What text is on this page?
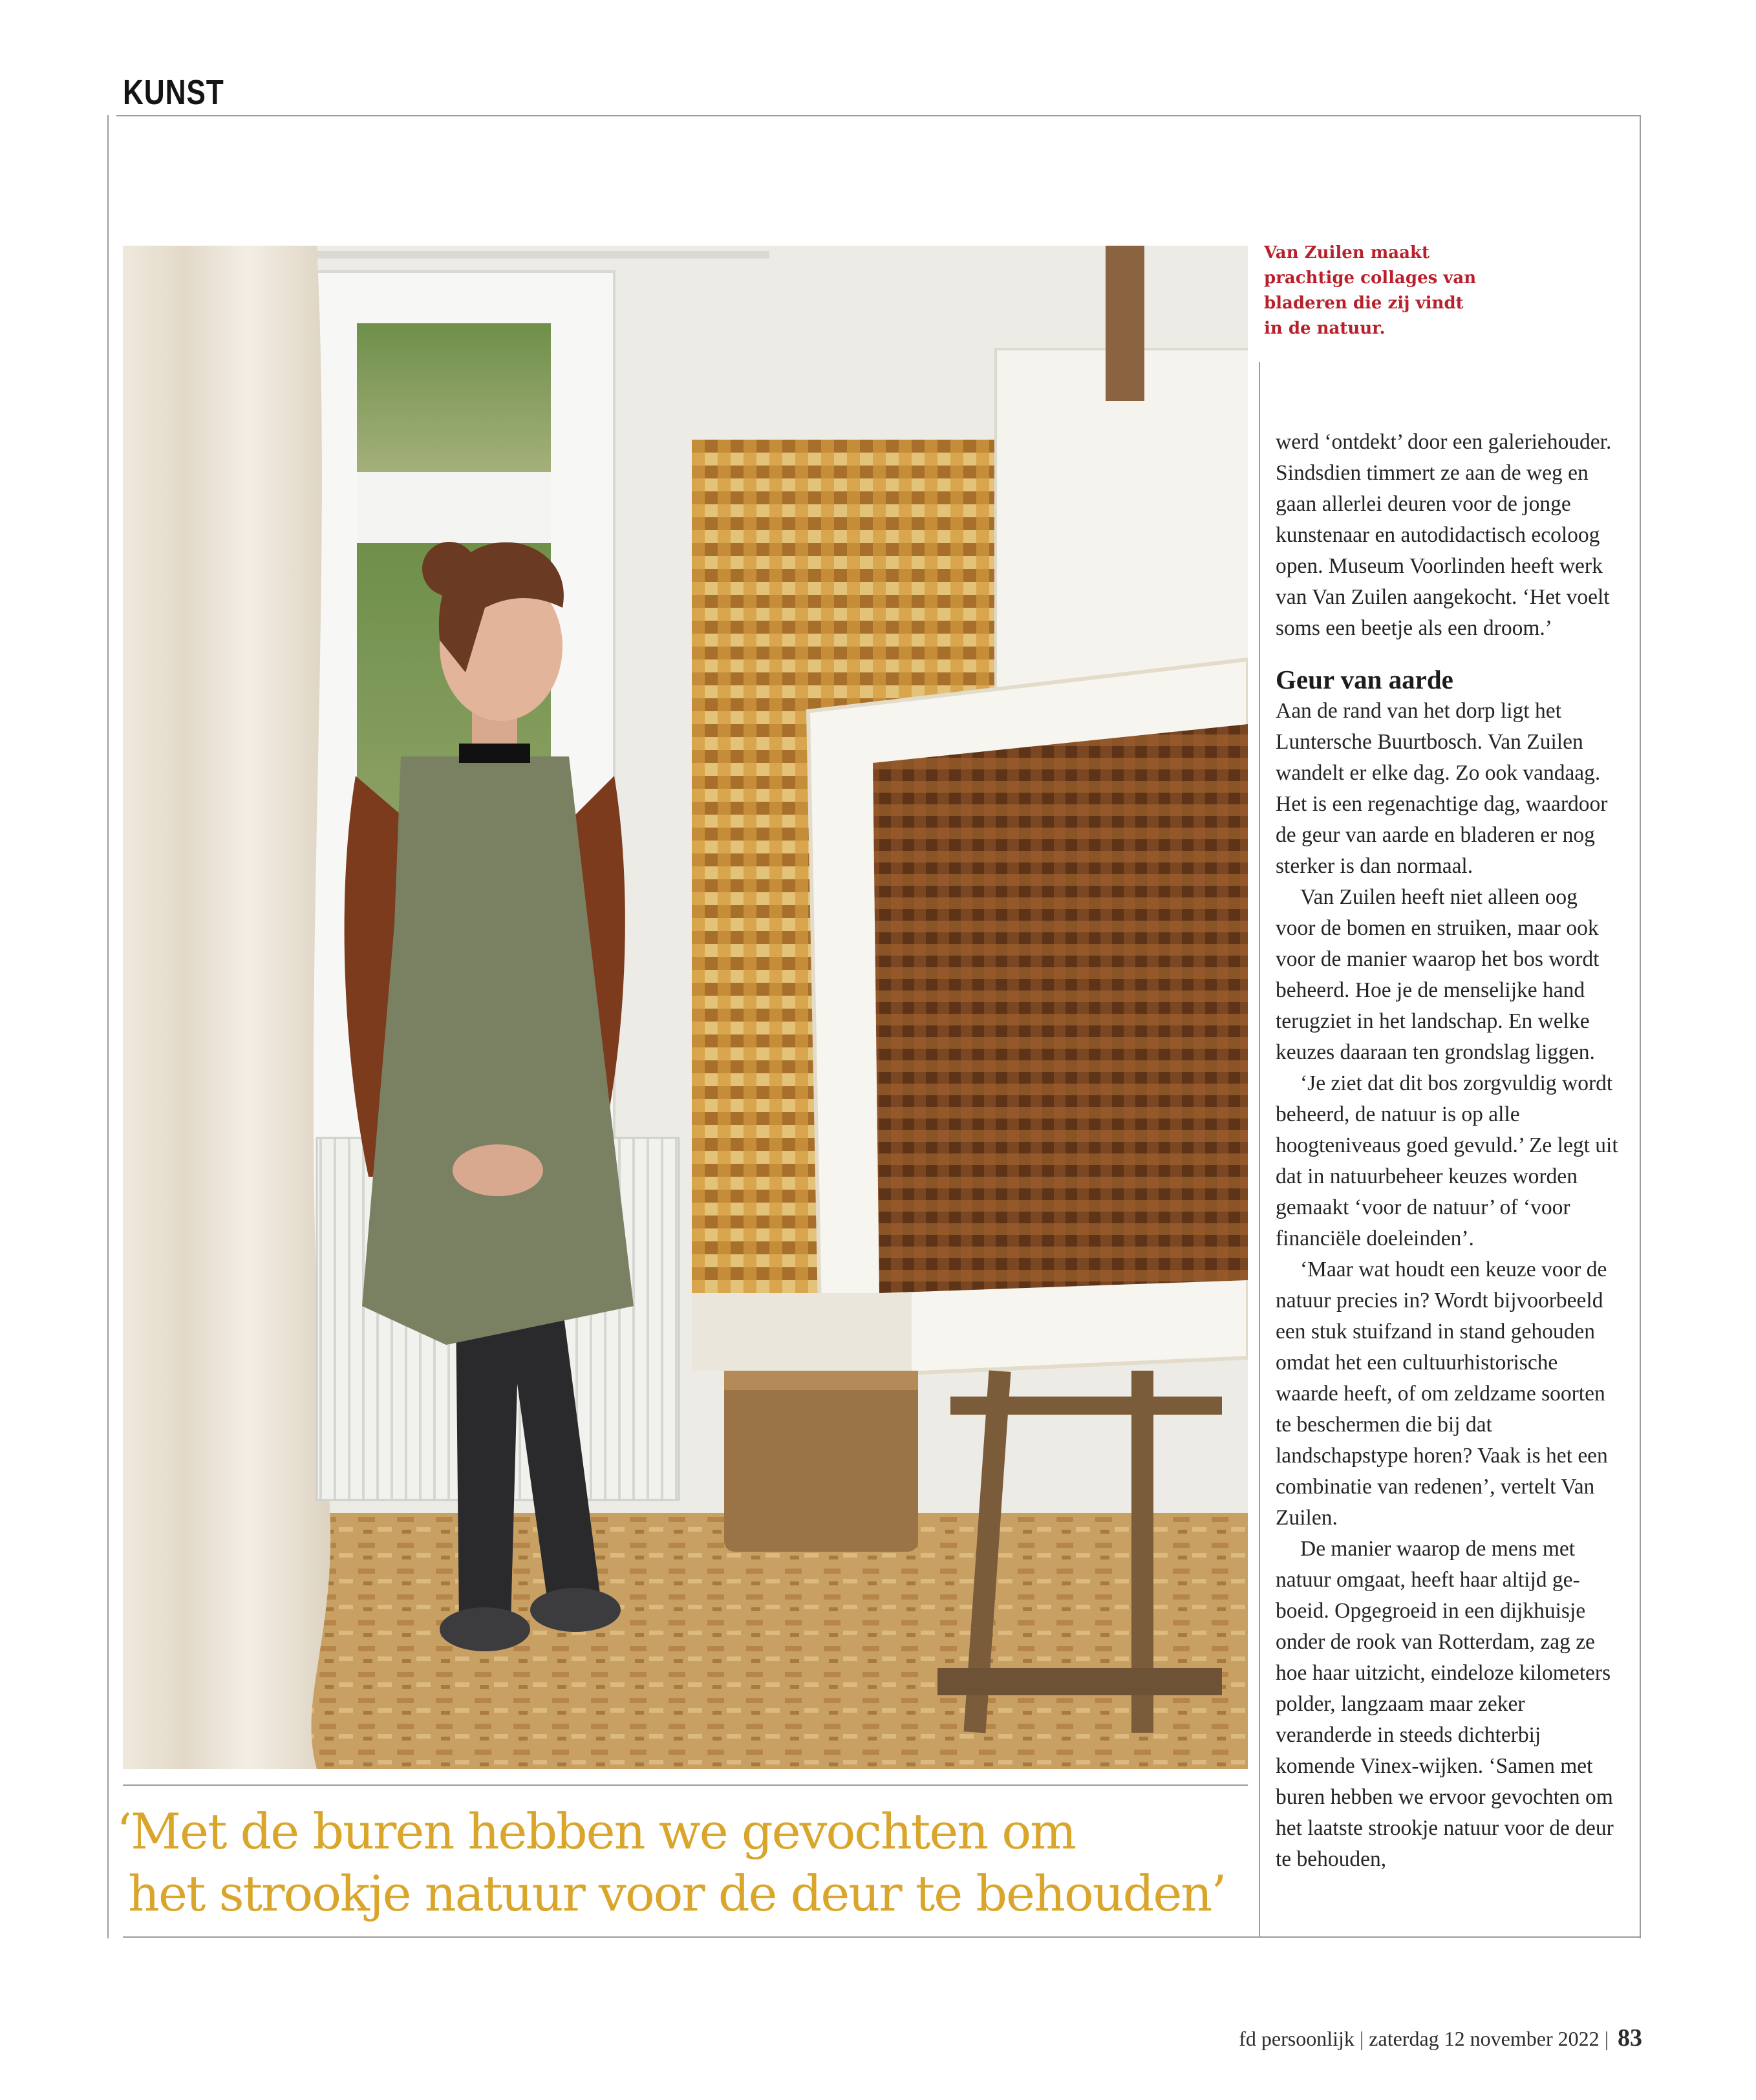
KUNST
Van Zuilen maakt prachtige collages van bladeren die zij vindt in de natuur.

werd ‘ontdekt’ door een galeriehouder. Sindsdien timmert ze aan de weg en gaan allerlei deuren voor de jonge kunstenaar en autodidactisch ecoloog open. Museum Voorlinden heeft werk van Van Zuilen aangekocht. ‘Het voelt soms een beetje als een droom.’

Geur van aarde

Aan de rand van het dorp ligt het Luntersche Buurtbosch. Van Zuilen wandelt er elke dag. Zo ook vandaag. Het is een regenachtige dag, waardoor de geur van aarde en bladeren er nog sterker is dan normaal.

Van Zuilen heeft niet alleen oog voor de bomen en struiken, maar ook voor de manier waarop het bos wordt beheerd. Hoe je de menselijke hand terugziet in het landschap. En welke keuzes daaraan ten grondslag liggen.

‘Je ziet dat dit bos zorgvuldig wordt beheerd, de natuur is op alle hoogteniveaus goed gevuld.’ Ze legt uit dat in natuurbeheer keuzes worden gemaakt ‘voor de natuur’ of ‘voor financiële doeleinden’.

‘Maar wat houdt een keuze voor de natuur precies in? Wordt bijvoorbeeld een stuk stuifzand in stand gehouden omdat het een cultuurhistorische waarde heeft, of om zeldzame soorten te beschermen die bij dat landschapstype horen? Vaak is het een combinatie van redenen’, vertelt Van Zuilen.

De manier waarop de mens met natuur omgaat, heeft haar altijd geboeid. Opgegroeid in een dijkhuisje onder de rook van Rotterdam, zag ze hoe haar uitzicht, eindeloze kilometers polder, langzaam maar zeker veranderde in steeds dichterbij komende Vinex-wijken. ‘Samen met buren hebben we ervoor gevochten om het laatste strookje natuur voor de deur te behouden,

‘Met de buren hebben we gevochten om
het strookje natuur voor de deur te behouden’
fd persoonlijk | zaterdag 12 november 2022 | 83
